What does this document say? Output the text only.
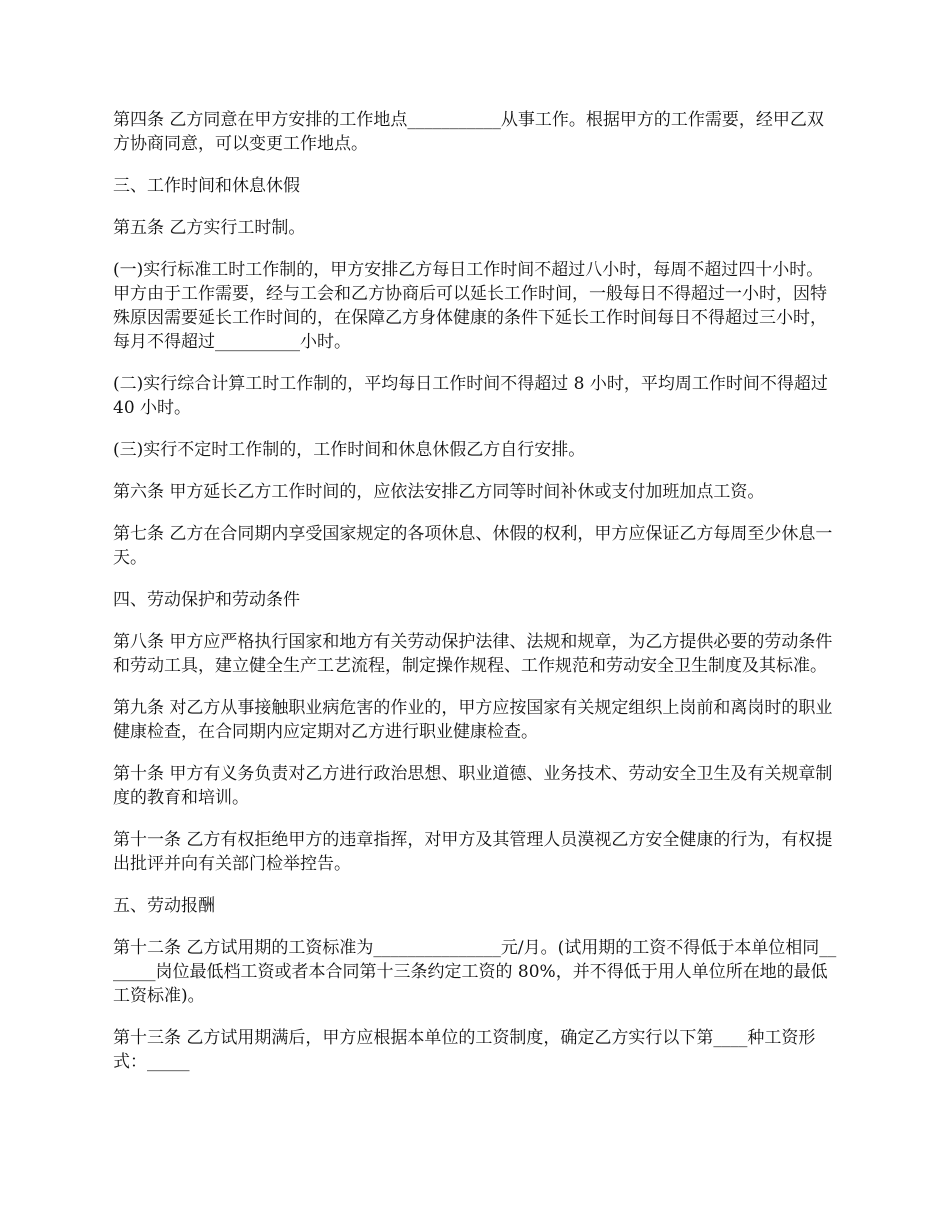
第四条 乙方同意在甲方安排的工作地点___________从事工作。根据甲方的工作需要，经甲乙双方协商同意，可以变更工作地点。

三、工作时间和休息休假

第五条 乙方实行工时制。

(一)实行标准工时工作制的，甲方安排乙方每日工作时间不超过八小时，每周不超过四十小时。甲方由于工作需要，经与工会和乙方协商后可以延长工作时间，一般每日不得超过一小时，因特殊原因需要延长工作时间的，在保障乙方身体健康的条件下延长工作时间每日不得超过三小时，每月不得超过__________小时。

(二)实行综合计算工时工作制的，平均每日工作时间不得超过 8 小时，平均周工作时间不得超过 40 小时。

(三)实行不定时工作制的，工作时间和休息休假乙方自行安排。

第六条 甲方延长乙方工作时间的，应依法安排乙方同等时间补休或支付加班加点工资。

第七条 乙方在合同期内享受国家规定的各项休息、休假的权利，甲方应保证乙方每周至少休息一天。

四、劳动保护和劳动条件

第八条 甲方应严格执行国家和地方有关劳动保护法律、法规和规章，为乙方提供必要的劳动条件和劳动工具，建立健全生产工艺流程，制定操作规程、工作规范和劳动安全卫生制度及其标准。

第九条 对乙方从事接触职业病危害的作业的，甲方应按国家有关规定组织上岗前和离岗时的职业健康检查，在合同期内应定期对乙方进行职业健康检查。

第十条 甲方有义务负责对乙方进行政治思想、职业道德、业务技术、劳动安全卫生及有关规章制度的教育和培训。

第十一条 乙方有权拒绝甲方的违章指挥，对甲方及其管理人员漠视乙方安全健康的行为，有权提出批评并向有关部门检举控告。

五、劳动报酬

第十二条 乙方试用期的工资标准为_______________元/月。(试用期的工资不得低于本单位相同_______岗位最低档工资或者本合同第十三条约定工资的 80%，并不得低于用人单位所在地的最低工资标准)。

第十三条 乙方试用期满后，甲方应根据本单位的工资制度，确定乙方实行以下第____种工资形式：_____
